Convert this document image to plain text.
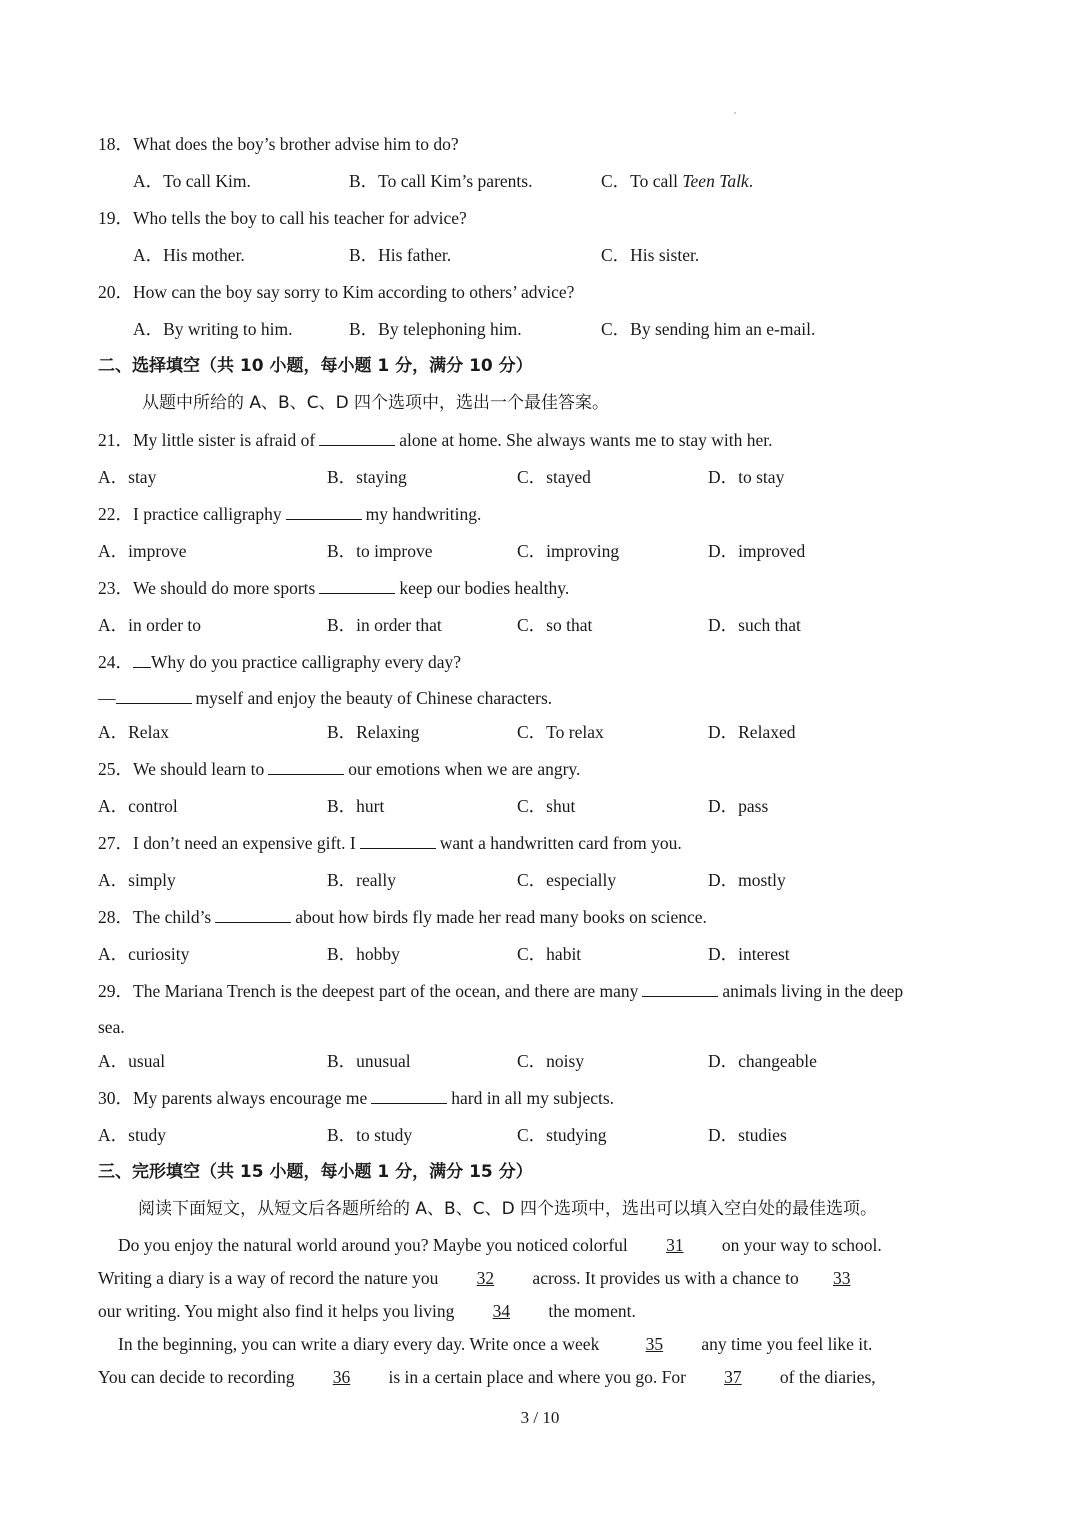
18．What does the boy’s brother advise him to do?
A．To call Kim.	B．To call Kim’s parents.	C．To call Teen Talk.
19．Who tells the boy to call his teacher for advice?
A．His mother.	B．His father.	C．His sister.
20．How can the boy say sorry to Kim according to others’ advice?
A．By writing to him.	B．By telephoning him.	C．By sending him an e-mail.
二、选择填空（共 10 小题，每小题 1 分，满分 10 分）
从题中所给的 A、B、C、D 四个选项中，选出一个最佳答案。
21．My little sister is afraid of	alone at home. She always wants me to stay with her.
A．stay	B．staying	C．stayed	D．to stay
22．I practice calligraphy	my handwriting.
A．improve	B．to improve	C．improving	D．improved
23．We should do more sports	keep our bodies healthy.
A．in order to	B．in order that	C．so that	D．such that
24． Why do you practice calligraphy every day?
—	myself and enjoy the beauty of Chinese characters.
A．Relax	B．Relaxing	C．To relax	D．Relaxed
25．We should learn to	our emotions when we are angry.
A．control	B．hurt	C．shut	D．pass
27．I don’t need an expensive gift. I	want a handwritten card from you.
A．simply	B．really	C．especially	D．mostly
28．The child’s	about how birds fly made her read many books on science.
A．curiosity	B．hobby	C．habit	D．interest
29．The Mariana Trench is the deepest part of the ocean, and there are many	animals living in the deep
sea.
A．usual	B．unusual	C．noisy	D．changeable
30．My parents always encourage me	hard in all my subjects.
A．study	B．to study	C．studying	D．studies
三、完形填空（共 15 小题，每小题 1 分，满分 15 分）
阅读下面短文，从短文后各题所给的 A、B、C、D 四个选项中，选出可以填入空白处的最佳选项。
Do you enjoy the natural world around you? Maybe you noticed colorful 31 on your way to school.
Writing a diary is a way of record the nature you 32 across. It provides us with a chance to 33
our writing. You might also find it helps you living 34 the moment.
In the beginning, you can write a diary every day. Write once a week	35 any time you feel like it.
You can decide to recording 36 is in a certain place and where you go. For 37 of the diaries,
3 / 10
